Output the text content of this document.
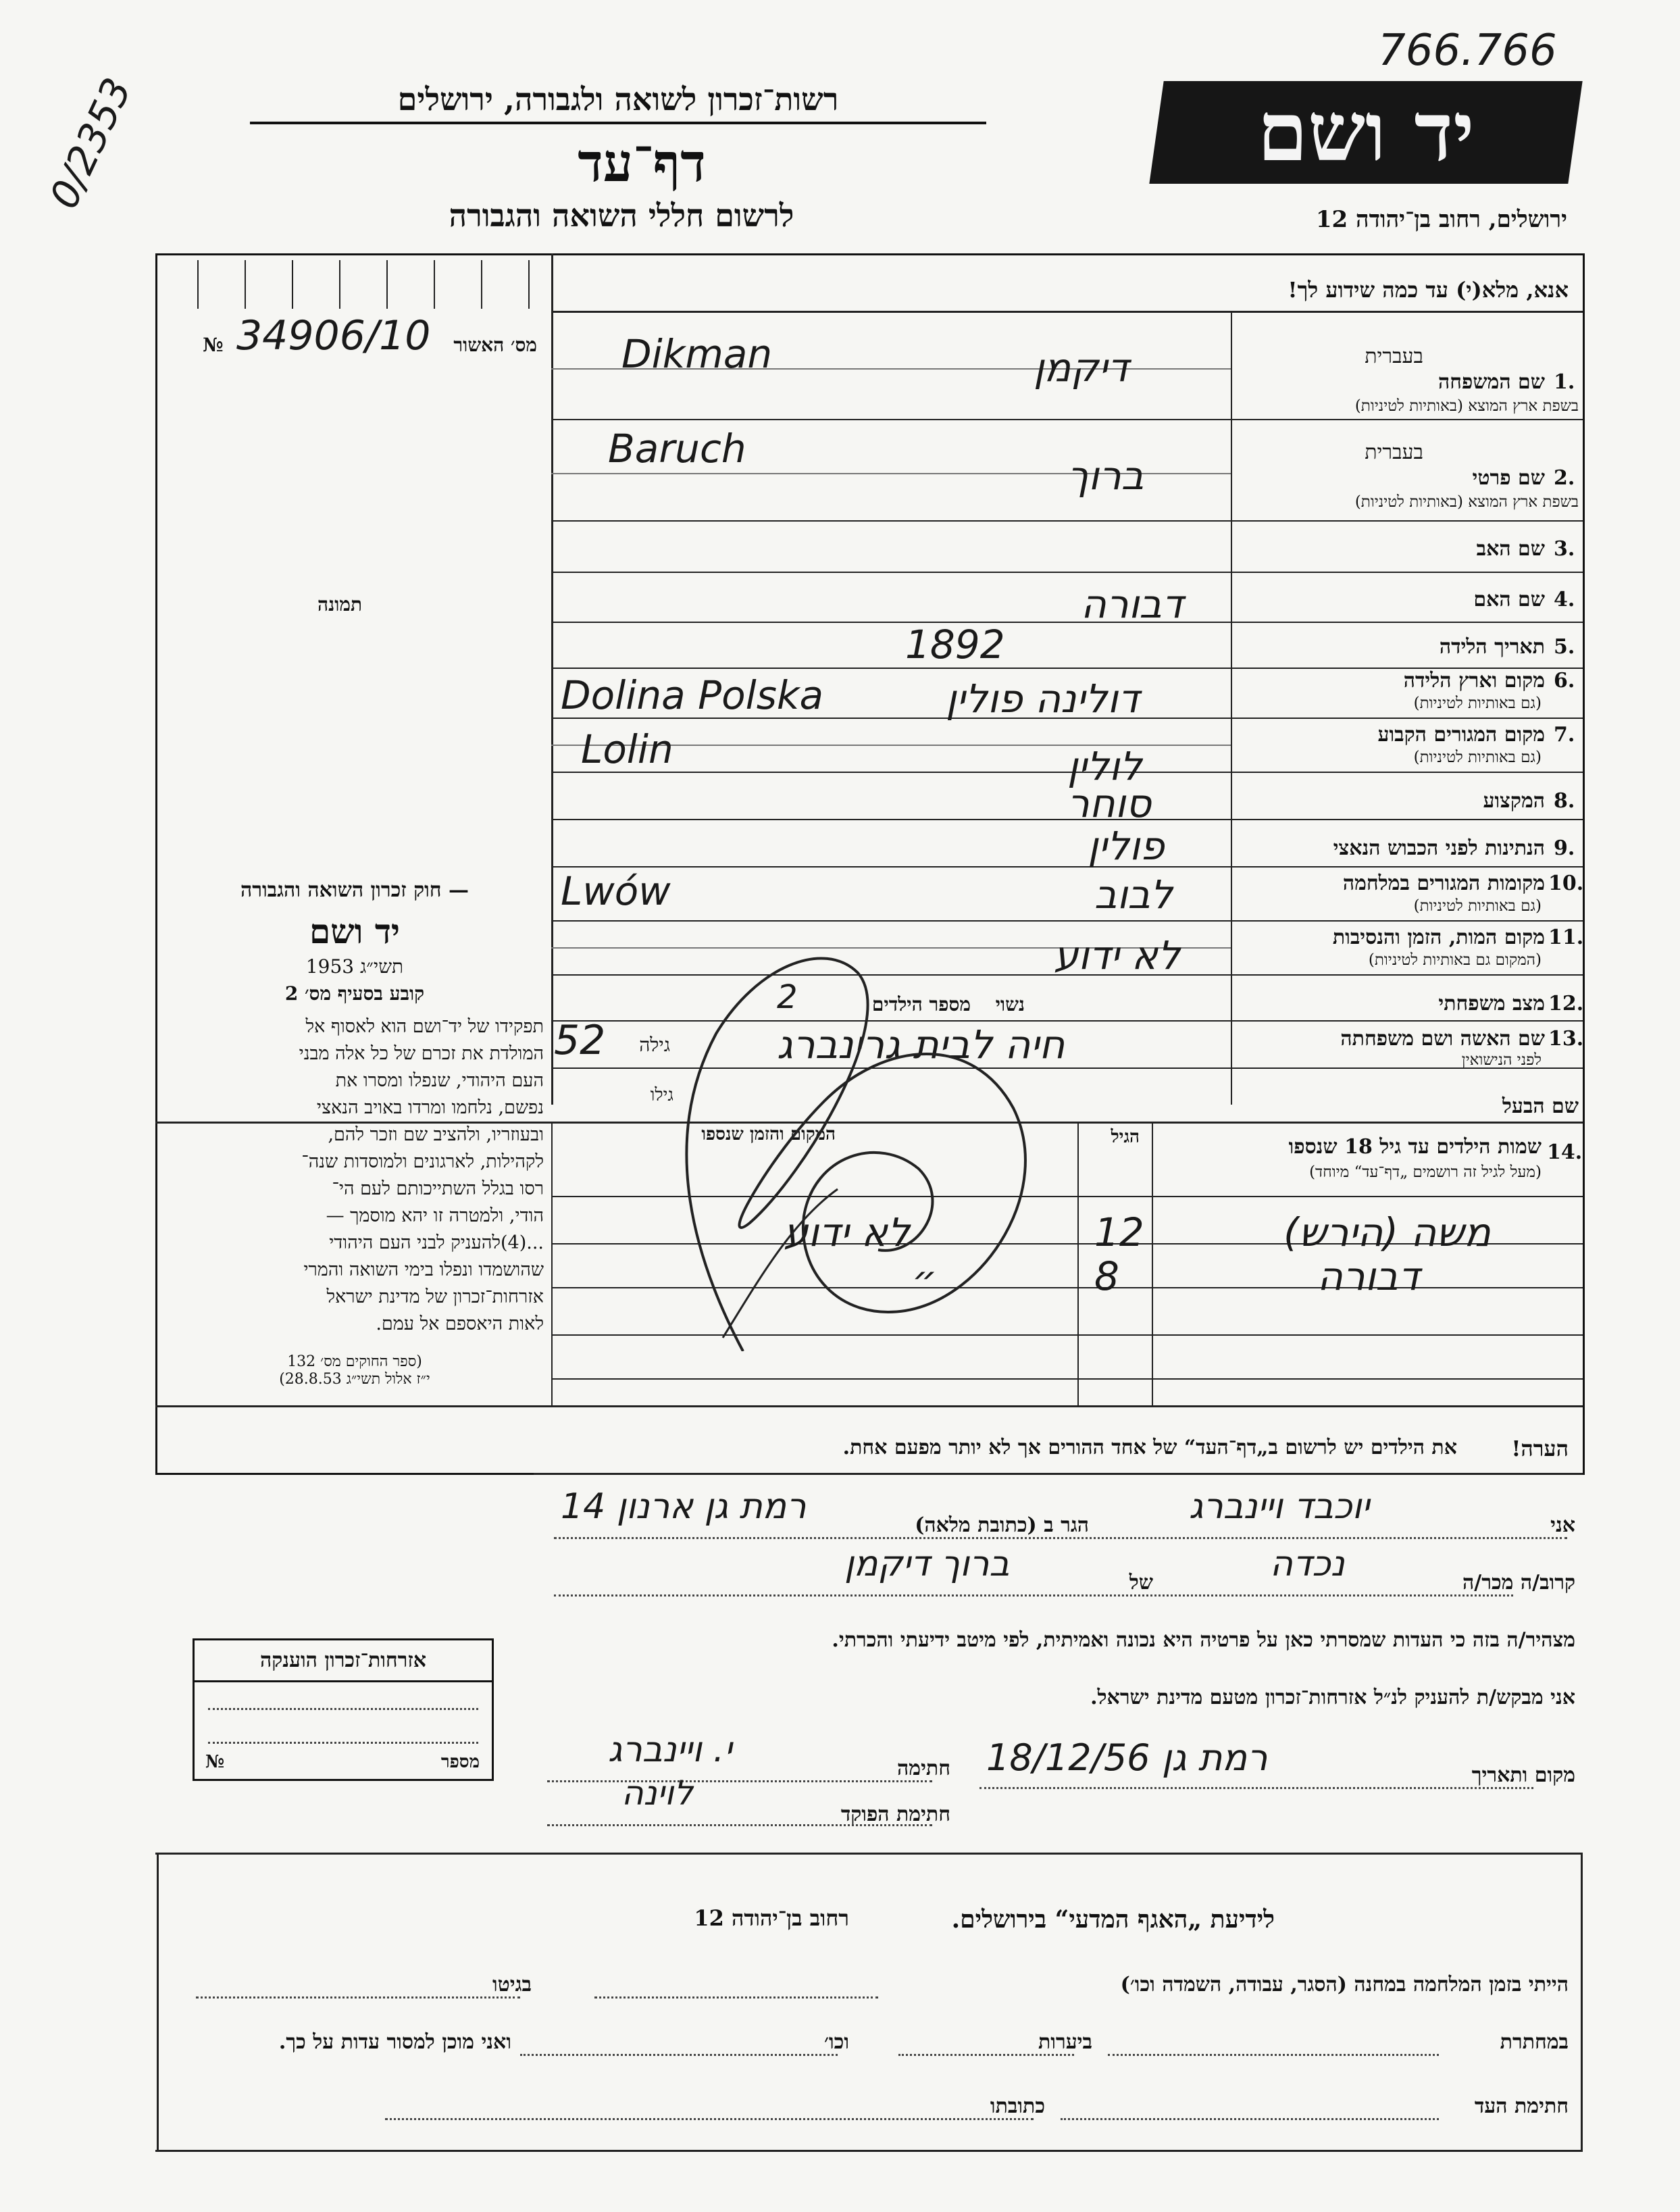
0/2353
766.766
רשות־זכרון לשואה ולגבורה, ירושלים
דף־עד
לרשום חללי השואה והגבורה
יד ושם
ירושלים, רחוב בן־יהודה 12
אנא, מלא(י) עד כמה שידוע לך!
№ 34906/10 מס׳ האשור
תמונה
— חוק זכרון השואה והגבורה
יד ושם
תשי״ג 1953
קובע בסעיף מס׳ 2
תפקידו של יד־ושם הוא לאסוף אל
המולדת את זכרם של כל אלה מבני
העם היהודי, שנפלו ומסרו את
נפשם, נלחמו ומרדו באויב הנאצי
ובעוזריו, ולהציב שם וזכר להם,
לקהילות, לארגונים ולמוסדות שנה־
רסו בגלל השתייכותם לעם הי־
הודי, ולמטרה זו יהא מוסמך —
...(4)להעניק לבני העם היהודי
שהושמדו ונפלו בימי השואה והמרי
אזרחות־זכרון של מדינת ישראל
לאות היאספם אל עמם.
(ספר החוקים מס׳ 132
י״ז אלול תשי״ג 28.8.53)
1.
שם המשפחה
בשפת ארץ המוצא (באותיות לטיניות)
בעברית
דיקמן
Dikman
2.
שם פרטי
בשפת ארץ המוצא (באותיות לטיניות)
בעברית
ברוך
Baruch
3.
שם האב
4.
שם האם
דבורה
5.
תאריך הלידה
1892
6.
מקום וארץ הלידה
(גם באותיות לטיניות)
דולינה פולין
Dolina Polska
7.
מקום המגורים הקבוע
(גם באותיות לטיניות)
לולין
Lolin
8.
המקצוע
סוחר
9.
הנתינות לפני הכבוש הנאצי
פולין
10.
מקומות המגורים במלחמה
(גם באותיות לטיניות)
לבוב
Lwów
11.
מקום המות, הזמן והנסיבות
(המקום גם באותיות לטיניות)
לא ידוע
12.
מצב משפחתי
נשוי
מספר הילדים
2
13.
שם האשה ושם משפחתה
לפני הנישואין
חיה לבית גרינברג
גילה
52
שם הבעל
גילו
14.
שמות הילדים עד גיל 18 שנספו
(מעל לגיל זה רושמים „דף־עד“ מיוחד)
הגיל
המקום והזמן שנספו
משה (הירש)
12
לא ידוע
דבורה
8
״
הערה!
את הילדים יש לרשום ב„דף־העד“ של אחד ההורים אך לא יותר מפעם אחת.
אני
יוכבד ויינברג
הגר ב (כתובת מלאה)
רמת גן ארנון 14
קרוב/ה מכר/ה
נכדה
של
ברוך דיקמן
מצהיר/ה בזה כי העדות שמסרתי כאן על פרטיה היא נכונה ואמיתית, לפי מיטב ידיעתי והכרתי.
אני מבקש/ת להעניק לנ״ל אזרחות־זכרון מטעם מדינת ישראל.
מקום ותאריך
רמת גן 18/12/56
חתימה
י. ויינברג
חתימת הפוקד
לוינה
אזרחות־זכרון הוענקה
מספר
№
לידיעת „האגף המדעי“ בירושלים.
רחוב בן־יהודה 12
הייתי בזמן המלחמה במחנה (הסגר, עבודה, השמדה וכו׳)
בגיטו
במחתרת
ביערות
וכו׳
ואני מוכן למסור עדות על כך.
חתימת העד
כתובתו
